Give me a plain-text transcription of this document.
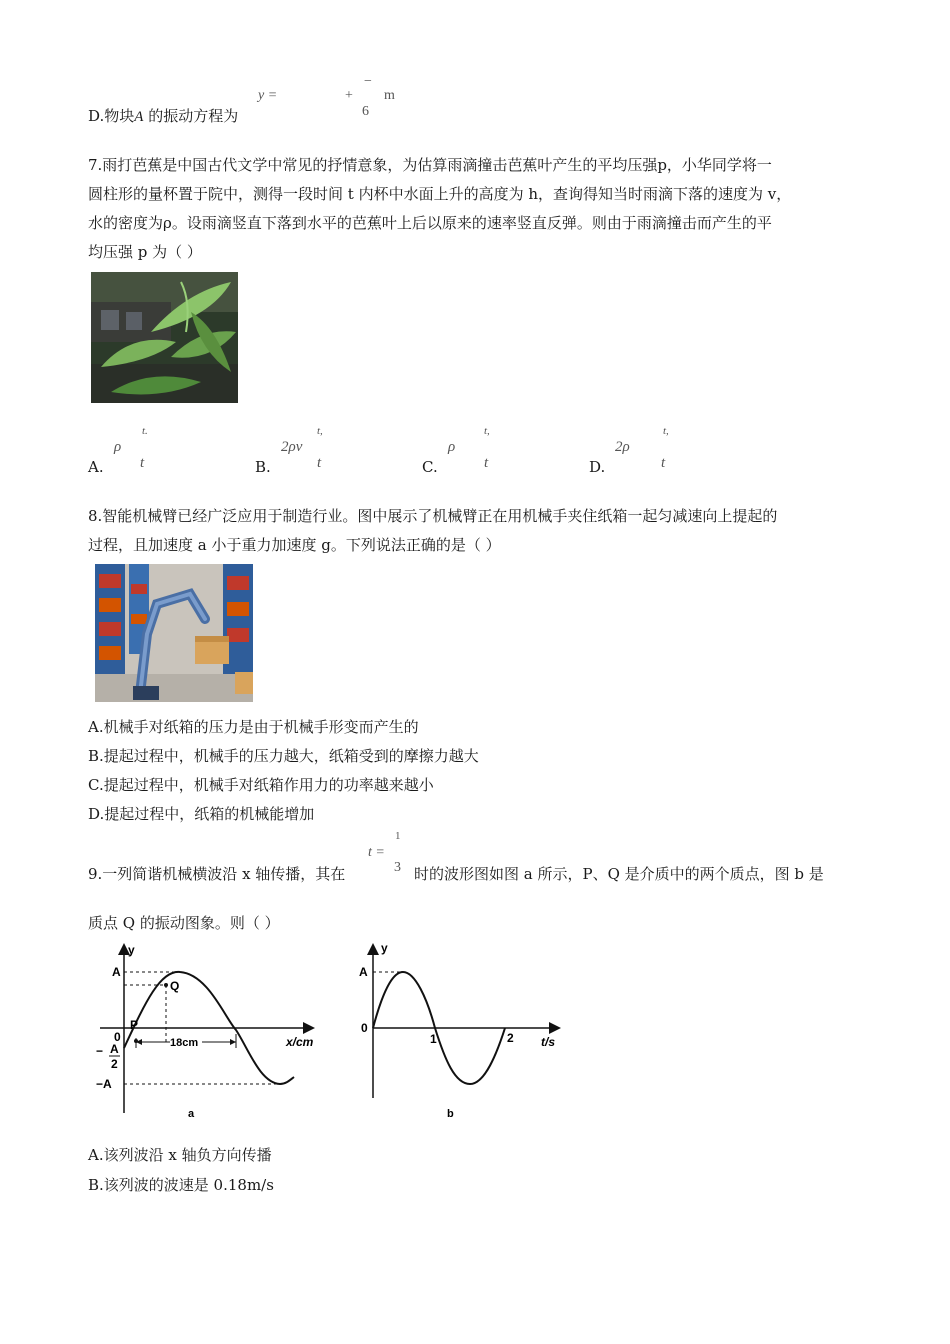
D.物块A 的振动方程为
y =	+
−
6
m
7.雨打芭蕉是中国古代文学中常见的抒情意象，为估算雨滴撞击芭蕉叶产生的平均压强p，小华同学将一
圆柱形的量杯置于院中，测得一段时间 t 内杯中水面上升的高度为 h，查询得知当时雨滴下落的速度为 v，
水的密度为ρ。设雨滴竖直下落到水平的芭蕉叶上后以原来的速率竖直反弹。则由于雨滴撞击而产生的平
均压强 p 为（ ）
A.
ρ
t.
t	B.
2ρv
t,
t	C.
ρ
t,
t	D.
2ρ
t,
t
8.智能机械臂已经广泛应用于制造行业。图中展示了机械臂正在用机械手夹住纸箱一起匀减速向上提起的
过程，且加速度 a 小于重力加速度 g。下列说法正确的是（ ）
A.机械手对纸箱的压力是由于机械手形变而产生的
B.提起过程中，机械手的压力越大，纸箱受到的摩擦力越大
C.提起过程中，机械手对纸箱作用力的功率越来越小
D.提起过程中，纸箱的机械能增加
9.一列简谐机械横波沿 x 轴传播，其在
t =
1
3 时的波形图如图 a 所示，P、Q 是介质中的两个质点，图 b 是
质点 Q 的振动图象。则（ ）
y
A
Q
P
0	18cm	x/cm
− A
2
−A
a
y
A
0
1	2 t/s
b
A.该列波沿 x 轴负方向传播
B.该列波的波速是 0.18m/s
